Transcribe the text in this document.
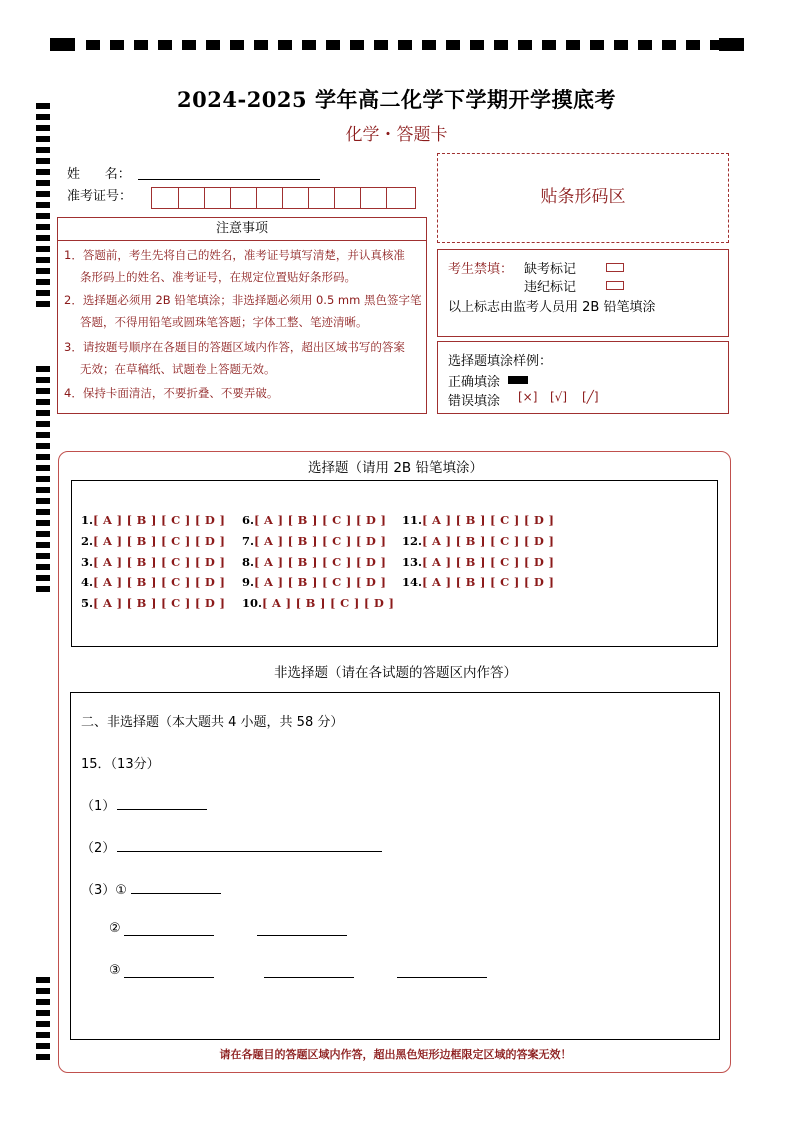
2024-2025 学年高二化学下学期开学摸底考
化学・答题卡
姓      名：
准考证号：
注意事项
1．答题前，考生先将自己的姓名，准考证号填写清楚，并认真核准
条形码上的姓名、准考证号，在规定位置贴好条形码。
2．选择题必须用 2B 铅笔填涂；非选择题必须用 0.5 mm 黑色签字笔
答题，不得用铅笔或圆珠笔答题；字体工整、笔迹清晰。
3．请按题号顺序在各题目的答题区域内作答，超出区域书写的答案
无效；在草稿纸、试题卷上答题无效。
4．保持卡面清洁，不要折叠、不要弄破。
贴条形码区
考生禁填： 缺考标记
违纪标记
以上标志由监考人员用 2B 铅笔填涂
选择题填涂样例：
正确填涂
错误填涂 [×] [√] [╱]
选择题（请用 2B 铅笔填涂）
1.[ A ] [ B ] [ C ] [ D ]
2.[ A ] [ B ] [ C ] [ D ]
3.[ A ] [ B ] [ C ] [ D ]
4.[ A ] [ B ] [ C ] [ D ]
5.[ A ] [ B ] [ C ] [ D ]
6.[ A ] [ B ] [ C ] [ D ]
7.[ A ] [ B ] [ C ] [ D ]
8.[ A ] [ B ] [ C ] [ D ]
9.[ A ] [ B ] [ C ] [ D ]
10.[ A ] [ B ] [ C ] [ D ]
11.[ A ] [ B ] [ C ] [ D ]
12.[ A ] [ B ] [ C ] [ D ]
13.[ A ] [ B ] [ C ] [ D ]
14.[ A ] [ B ] [ C ] [ D ]
非选择题（请在各试题的答题区内作答）
二、非选择题（本大题共 4 小题，共 58 分）
15．（13分）
（1）
（2）
（3）①
②
③
请在各题目的答题区域内作答，超出黑色矩形边框限定区域的答案无效！
